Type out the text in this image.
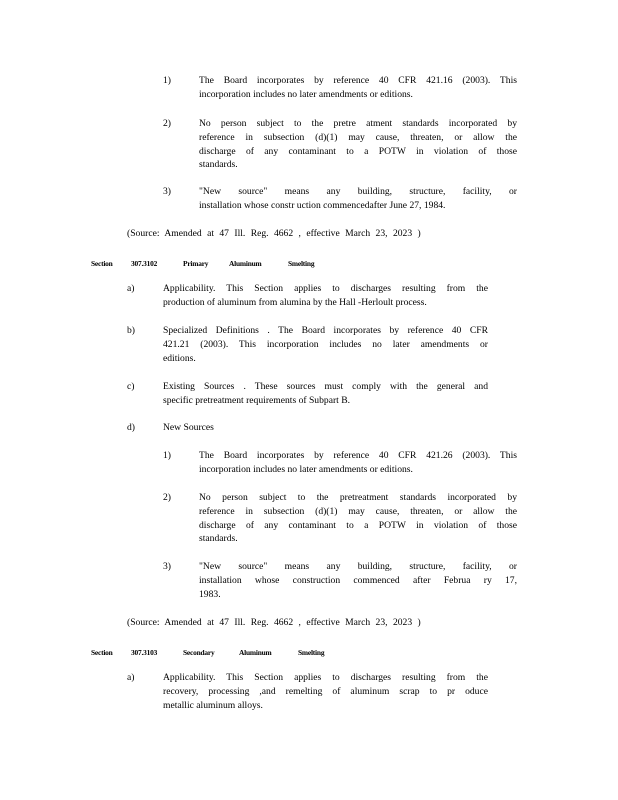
1)	The Board incorporates by reference 40 CFR 421.16 (2003). This
incorporation includes no later amendments or editions.
2)	No person subject to the pretre atment standards incorporated by
reference in subsection (d)(1) may cause, threaten, or allow the
discharge of any contaminant to a POTW in violation of those
standards.
3)	"New source" means any building, structure, facility, or
installation whose constr uction commencedafter June 27, 1984.
(Source: Amended at 47 Ill. Reg. 4662 , effective March 23, 2023 )
a)	Applicability. This Section applies to discharges resulting from the
production of aluminum from alumina by the Hall -Herloult process.
b)	Specialized Definitions . The Board incorporates by reference 40 CFR
421.21 (2003). This incorporation includes no later amendments or
editions.
c)	Existing Sources . These sources must comply with the general and
specific pretreatment requirements of Subpart B.
d)	New Sources
1)	The Board incorporates by reference 40 CFR 421.26 (2003). This
incorporation includes no later amendments or editions.
2)	No person subject to the pretreatment standards incorporated by
reference in subsection (d)(1) may cause, threaten, or allow the
discharge of any contaminant to a POTW in violation of those
standards.
3)	"New source" means any building, structure, facility, or
installation whose construction commenced after Februa ry 17,
1983.
(Source: Amended at 47 Ill. Reg. 4662 , effective March 23, 2023 )
a)	Applicability. This Section applies to discharges resulting from the
recovery, processing ,and remelting of aluminum scrap to pr oduce
metallic aluminum alloys.
Section 307.3102	Primary	Aluminum	Smelting
Section 307.3103	Secondary	Aluminum	Smelting
